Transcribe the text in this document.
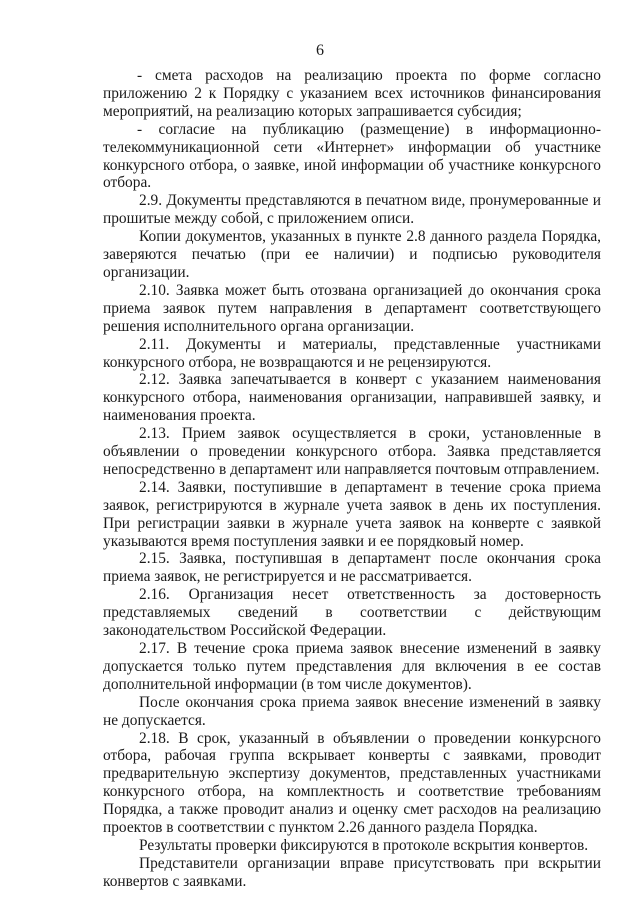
6

- смета расходов на реализацию проекта по форме согласно приложению 2 к Порядку с указанием всех источников финансирования мероприятий, на реализацию которых запрашивается субсидия;

- согласие на публикацию (размещение) в информационно-телекоммуникационной сети «Интернет» информации об участнике конкурсного отбора, о заявке, иной информации об участнике конкурсного отбора.

2.9. Документы представляются в печатном виде, пронумерованные и прошитые между собой, с приложением описи.

Копии документов, указанных в пункте 2.8 данного раздела Порядка, заверяются печатью (при ее наличии) и подписью руководителя организации.

2.10. Заявка может быть отозвана организацией до окончания срока приема заявок путем направления в департамент соответствующего решения исполнительного органа организации.

2.11. Документы и материалы, представленные участниками конкурсного отбора, не возвращаются и не рецензируются.

2.12. Заявка запечатывается в конверт с указанием наименования конкурсного отбора, наименования организации, направившей заявку, и наименования проекта.

2.13. Прием заявок осуществляется в сроки, установленные в объявлении о проведении конкурсного отбора. Заявка представляется непосредственно в департамент или направляется почтовым отправлением.

2.14. Заявки, поступившие в департамент в течение срока приема заявок, регистрируются в журнале учета заявок в день их поступления. При регистрации заявки в журнале учета заявок на конверте с заявкой указываются время поступления заявки и ее порядковый номер.

2.15. Заявка, поступившая в департамент после окончания срока приема заявок, не регистрируется и не рассматривается.

2.16. Организация несет ответственность за достоверность представляемых сведений в соответствии с действующим законодательством Российской Федерации.

2.17. В течение срока приема заявок внесение изменений в заявку допускается только путем представления для включения в ее состав дополнительной информации (в том числе документов).

После окончания срока приема заявок внесение изменений в заявку не допускается.

2.18. В срок, указанный в объявлении о проведении конкурсного отбора, рабочая группа вскрывает конверты с заявками, проводит предварительную экспертизу документов, представленных участниками конкурсного отбора, на комплектность и соответствие требованиям Порядка, а также проводит анализ и оценку смет расходов на реализацию проектов в соответствии с пунктом 2.26 данного раздела Порядка.

Результаты проверки фиксируются в протоколе вскрытия конвертов.

Представители организации вправе присутствовать при вскрытии конвертов с заявками.
